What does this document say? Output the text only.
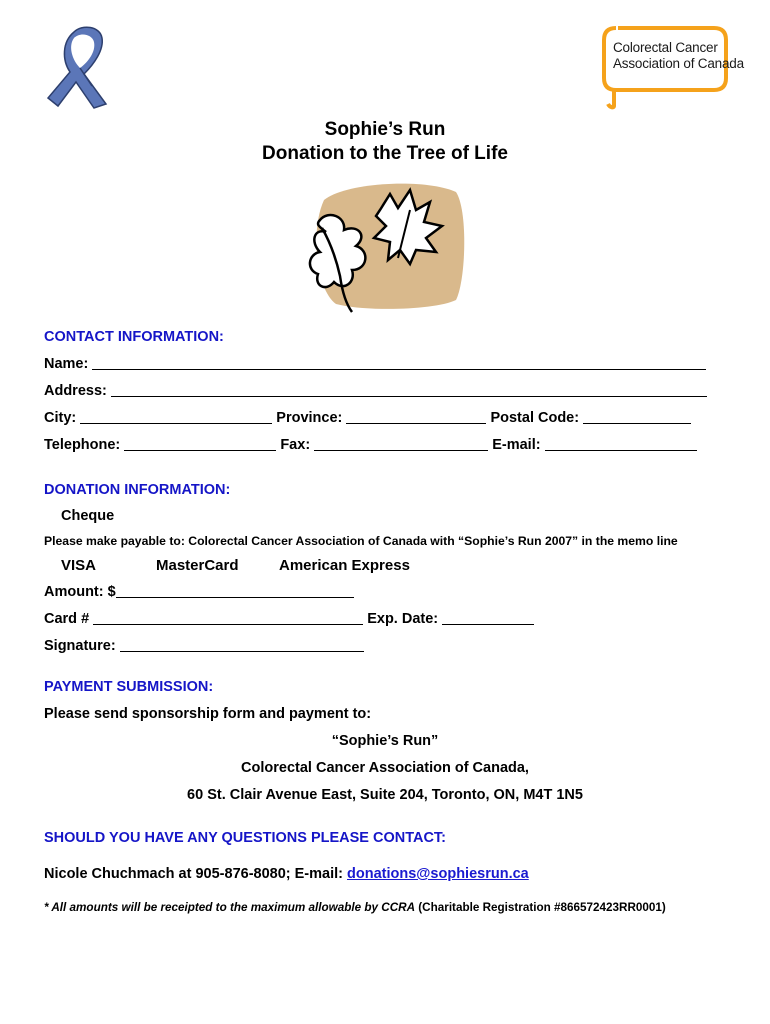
Colorectal Cancer
Association of Canada
Sophie’s Run
Donation to the Tree of Life
CONTACT INFORMATION:
Name:
Address:
City:	Province:	Postal Code:
Telephone:	Fax:	E-mail:
DONATION INFORMATION:
Cheque
Please make payable to: Colorectal Cancer Association of Canada with “Sophie’s Run 2007” in the memo line
VISA	MasterCard	American Express
Amount: $
Card #	Exp. Date:
Signature:
PAYMENT SUBMISSION:
Please send sponsorship form and payment to:
“Sophie’s Run”
Colorectal Cancer Association of Canada,
60 St. Clair Avenue East, Suite 204, Toronto, ON, M4T 1N5
SHOULD YOU HAVE ANY QUESTIONS PLEASE CONTACT:
Nicole Chuchmach at 905-876-8080; E-mail: donations@sophiesrun.ca
* All amounts will be receipted to the maximum allowable by CCRA (Charitable Registration #866572423RR0001)
